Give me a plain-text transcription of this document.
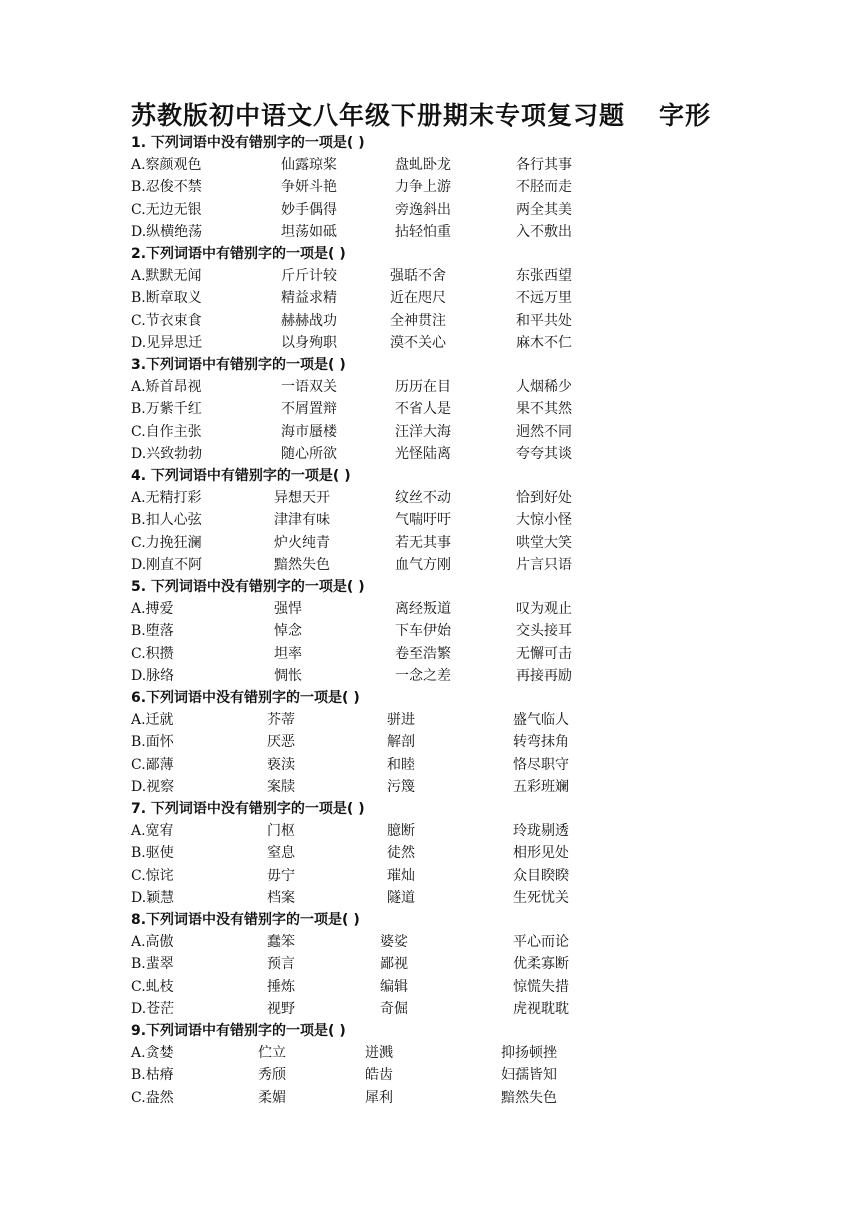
苏教版初中语文八年级下册期末专项复习题 字形
1. 下列词语中没有错别字的一项是( )
A.察颜观色	仙露琼桨	盘虬卧龙	各行其事
B.忍俊不禁	争妍斗艳	力争上游	不胫而走
C.无边无银	妙手偶得	旁逸斜出	两全其美
D.纵横绝荡	坦荡如砥	拈轻怕重	入不敷出
2.下列词语中有错别字的一项是( )
A.默默无闻	斤斤计较	强聒不舍	东张西望
B.断章取义	精益求精	近在咫尺	不远万里
C.节衣束食	赫赫战功	全神贯注	和平共处
D.见异思迁	以身殉职	漠不关心	麻木不仁
3.下列词语中有错别字的一项是( )
A.矫首昂视	一语双关	历历在目	人烟稀少
B.万紫千红	不屑置辩	不省人是	果不其然
C.自作主张	海市蜃楼	汪洋大海	迥然不同
D.兴致勃勃	随心所欲	光怪陆离	夸夸其谈
4. 下列词语中有错别字的一项是( )
A.无精打彩	异想天开	纹丝不动	恰到好处
B.扣人心弦	津津有味	气喘吁吁	大惊小怪
C.力挽狂澜	炉火纯青	若无其事	哄堂大笑
D.刚直不阿	黯然失色	血气方刚	片言只语
5. 下列词语中没有错别字的一项是( )
A.搏爱	强悍	离经叛道	叹为观止
B.堕落	悼念	下车伊始	交头接耳
C.积攒	坦率	卷至浩繁	无懈可击
D.脉络	惆怅	一念之差	再接再励
6.下列词语中没有错别字的一项是( )
A.迁就	芥蒂	骈进	盛气临人
B.面怀	厌恶	解剖	转弯抹角
C.鄙薄	亵渎	和睦	恪尽职守
D.视察	案牍	污篾	五彩班斓
7. 下列词语中没有错别字的一项是( )
A.宽宥	门枢	臆断	玲珑剔透
B.驱使	窒息	徒然	相形见处
C.惊诧	毋宁	璀灿	众目睽睽
D.颖慧	档案	隧道	生死忧关
8.下列词语中没有错别字的一项是( )
A.高傲	蠢笨	婆娑	平心而论
B.蜚翠	预言	鄙视	优柔寡断
C.虬枝	捶炼	编辑	惊慌失措
D.苍茫	视野	奇倔	虎视耽耽
9.下列词语中有错别字的一项是( )
A.贪婪	伫立	迸溅	抑扬顿挫
B.枯瘠	秀颀	皓齿	妇孺皆知
C.盎然	柔媚	犀利	黯然失色
